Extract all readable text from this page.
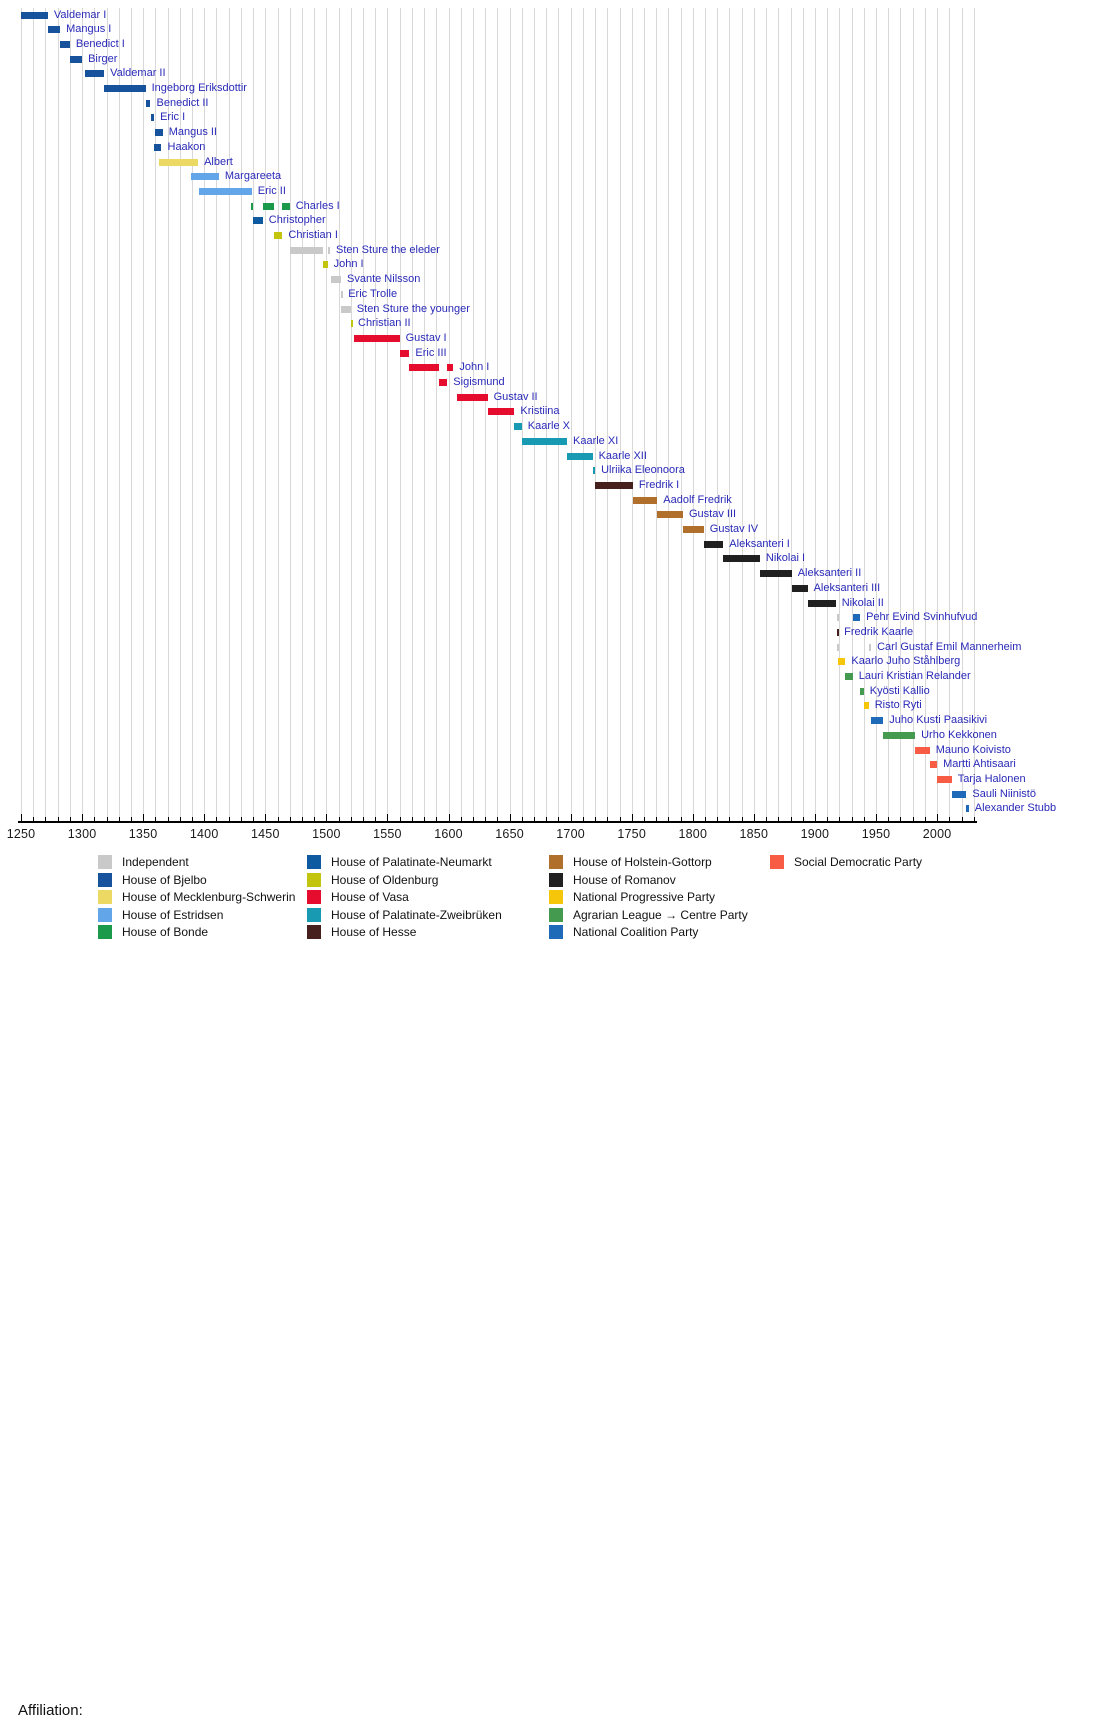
1250	1300	1350	1400	1450	1500	1550	1600	1650	1700	1750	1800	1850	1900	1950	2000
Valdemar I
Mangus I
Benedict I
Birger
Valdemar II
Ingeborg Eriksdottir
Benedict II
Eric I
Mangus II
Haakon
Albert
Margareeta
Eric II
Charles I
Christopher
Christian I
Sten Sture the eleder
John I
Svante Nilsson
Eric Trolle
Sten Sture the younger
Christian II
Gustav I
Eric III
John I
Sigismund
Gustav II
Kristiina
Kaarle X
Kaarle XI
Kaarle XII
Ulriika Eleonoora
Fredrik I
Aadolf Fredrik
Gustav III
Gustav IV
Aleksanteri I
Nikolai I
Aleksanteri II
Aleksanteri III
Nikolai II
Pehr Evind Svinhufvud
Fredrik Kaarle
Carl Gustaf Emil Mannerheim
Kaarlo Juho Ståhlberg
Lauri Kristian Relander
Kyösti Kallio
Risto Ryti
Juho Kusti Paasikivi
Urho Kekkonen
Mauno Koivisto
Martti Ahtisaari
Tarja Halonen
Sauli Niinistö
Alexander Stubb
Affiliation:
Independent
House of Bjelbo
House of Mecklenburg-Schwerin
House of Estridsen
House of Bonde
House of Palatinate-Neumarkt
House of Oldenburg
House of Vasa
House of Palatinate-Zweibrüken
House of Hesse
House of Holstein-Gottorp
House of Romanov
National Progressive Party
Agrarian League → Centre Party
National Coalition Party
Social Democratic Party
